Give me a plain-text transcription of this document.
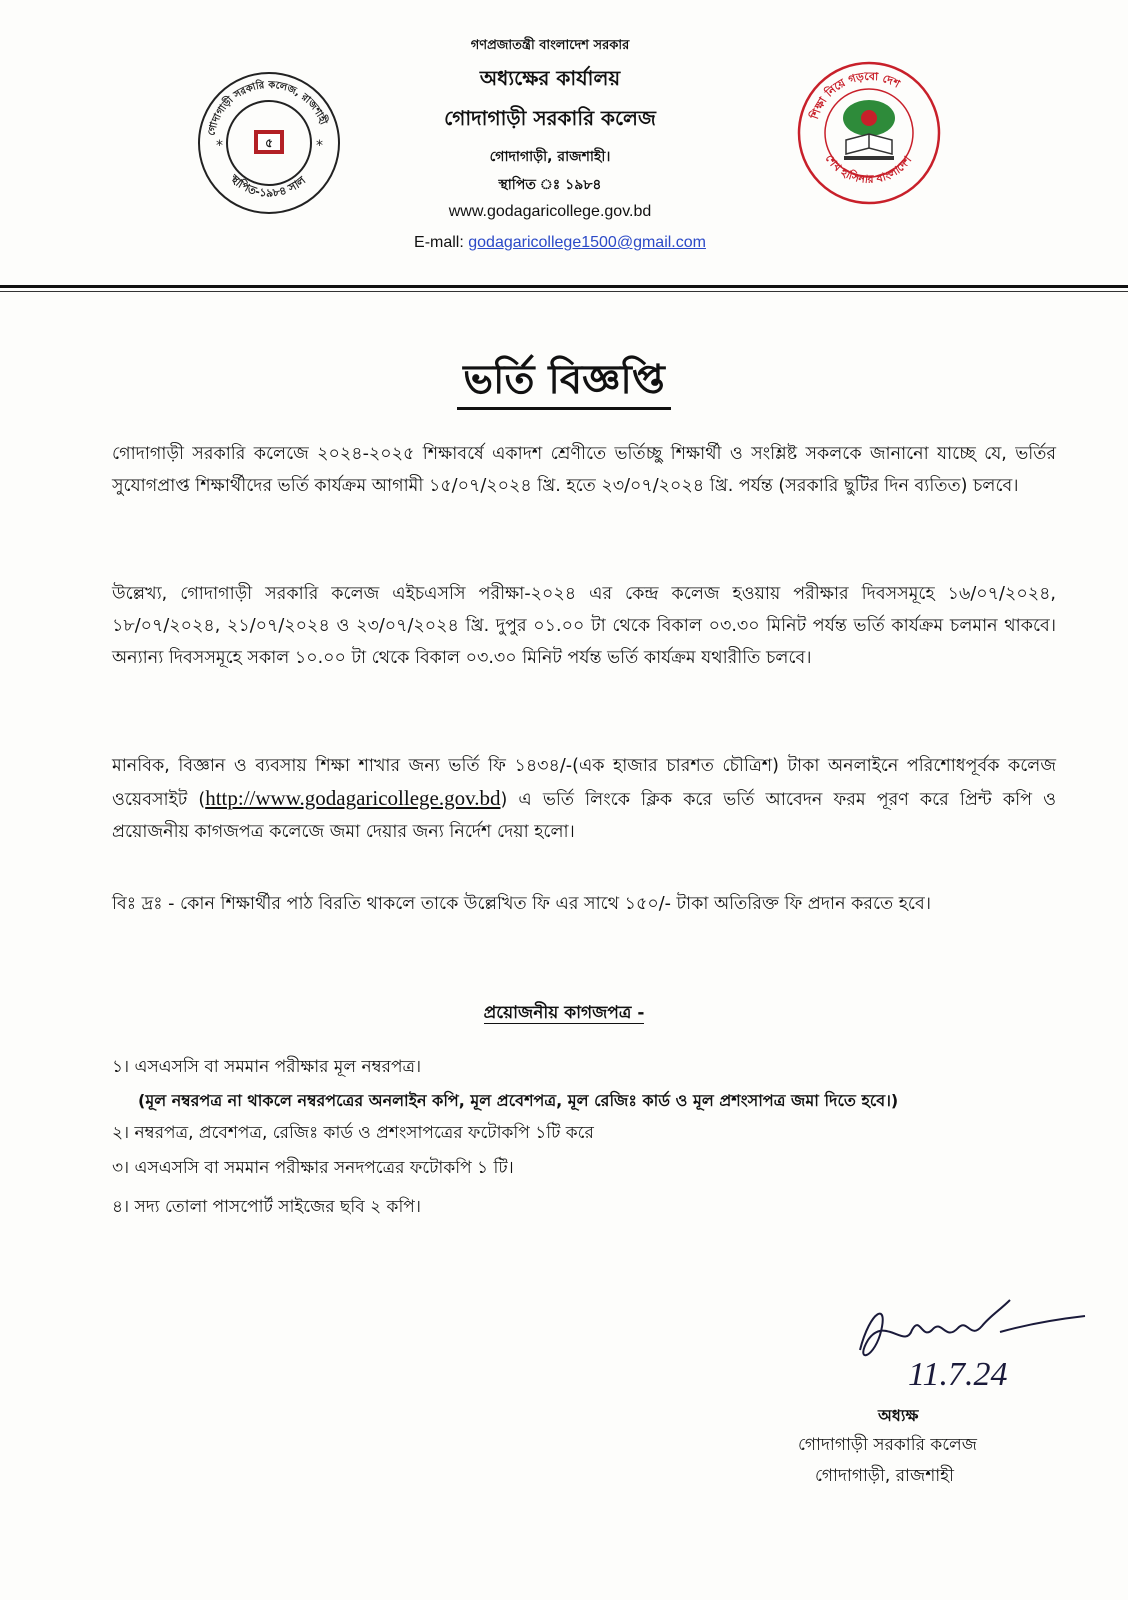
গোদাগাড়ী সরকারি কলেজ, রাজশাহী
স্থাপিত-১৯৮৪ সাল
৫
*	*
গণপ্রজাতন্ত্রী বাংলাদেশ সরকার
অধ্যক্ষের কার্যালয়
গোদাগাড়ী সরকারি কলেজ
গোদাগাড়ী, রাজশাহী।
স্থাপিত ঃ ১৯৮৪
www.godagaricollege.gov.bd
E-mall: godagaricollege1500@gmail.com
শিক্ষা নিয়ে গড়বো দেশ
শেখ হাসিনার বাংলাদেশ
ভর্তি বিজ্ঞপ্তি
গোদাগাড়ী সরকারি কলেজে ২০২৪-২০২৫ শিক্ষাবর্ষে একাদশ শ্রেণীতে ভর্তিচ্ছু শিক্ষার্থী ও সংশ্লিষ্ট সকলকে জানানো যাচ্ছে যে, ভর্তির সুযোগপ্রাপ্ত শিক্ষার্থীদের ভর্তি কার্যক্রম আগামী ১৫/০৭/২০২৪ খ্রি. হতে ২৩/০৭/২০২৪ খ্রি. পর্যন্ত (সরকারি ছুটির দিন ব্যতিত) চলবে।
উল্লেখ্য, গোদাগাড়ী সরকারি কলেজ এইচএসসি পরীক্ষা-২০২৪ এর কেন্দ্র কলেজ হওয়ায় পরীক্ষার দিবসসমূহে ১৬/০৭/২০২৪, ১৮/০৭/২০২৪, ২১/০৭/২০২৪ ও ২৩/০৭/২০২৪ খ্রি. দুপুর ০১.০০ টা থেকে বিকাল ০৩.৩০ মিনিট পর্যন্ত ভর্তি কার্যক্রম চলমান থাকবে। অন্যান্য দিবসসমূহে সকাল ১০.০০ টা থেকে বিকাল ০৩.৩০ মিনিট পর্যন্ত ভর্তি কার্যক্রম যথারীতি চলবে।
মানবিক, বিজ্ঞান ও ব্যবসায় শিক্ষা শাখার জন্য ভর্তি ফি ১৪৩৪/-(এক হাজার চারশত চৌত্রিশ) টাকা অনলাইনে পরিশোধপূর্বক কলেজ ওয়েবসাইট (http://www.godagaricollege.gov.bd) এ ভর্তি লিংকে ক্লিক করে ভর্তি আবেদন ফরম পূরণ করে প্রিন্ট কপি ও প্রয়োজনীয় কাগজপত্র কলেজে জমা দেয়ার জন্য নির্দেশ দেয়া হলো।
বিঃ দ্রঃ - কোন শিক্ষার্থীর পাঠ বিরতি থাকলে তাকে উল্লেখিত ফি এর সাথে ১৫০/- টাকা অতিরিক্ত ফি প্রদান করতে হবে।
প্রয়োজনীয় কাগজপত্র -
১। এসএসসি বা সমমান পরীক্ষার মূল নম্বরপত্র।
(মূল নম্বরপত্র না থাকলে নম্বরপত্রের অনলাইন কপি, মূল প্রবেশপত্র, মূল রেজিঃ কার্ড ও মূল প্রশংসাপত্র জমা দিতে হবে।)
২। নম্বরপত্র, প্রবেশপত্র, রেজিঃ কার্ড ও প্রশংসাপত্রের ফটোকপি ১টি করে
৩। এসএসসি বা সমমান পরীক্ষার সনদপত্রের ফটোকপি ১ টি।
৪। সদ্য তোলা পাসপোর্ট সাইজের ছবি ২ কপি।
11.7.24
অধ্যক্ষ
গোদাগাড়ী সরকারি কলেজ
গোদাগাড়ী, রাজশাহী
